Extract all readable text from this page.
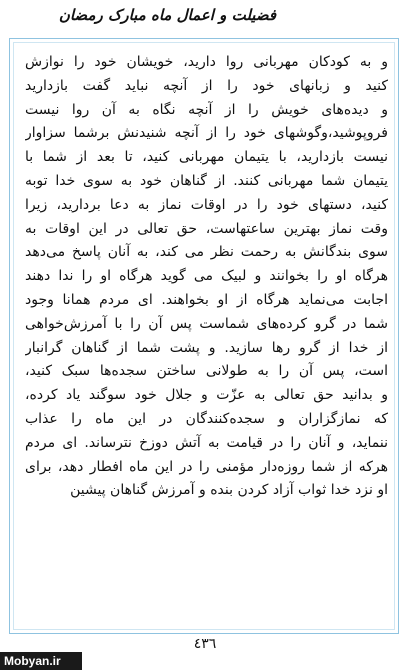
فضیلت و اعمال ماه مبارک رمضان
و به کودکان مهربانی روا دارید، خویشان خود را نوازش
کنید و زبانهای خود را از آنچه نباید گفت بازدارید
و دیده‌های خویش را از آنچه نگاه به آن روا نیست
فروپوشید،وگوشهای خود را از آنچه شنیدنش برشما سزاوار
نیست بازدارید، با یتیمان مهربانی کنید، تا بعد از شما با
یتیمان شما مهربانی کنند. از گناهان خود به سوی خدا توبه
کنید، دستهای خود را در اوقات نماز به دعا بردارید، زیرا
وقت نماز بهترین ساعتهاست، حق تعالی در این اوقات به
سوی بندگانش به رحمت نظر می کند، به آنان پاسخ می‌دهد
هرگاه او را بخوانند و لبیک می گوید هرگاه او را ندا دهند
اجابت می‌نماید هرگاه از او بخواهند. ای مردم همانا وجود
شما در گرو کرده‌های شماست پس آن را با آمرزش‌خواهی
از خدا از گرو رها سازید. و پشت شما از گناهان گرانبار
است، پس آن را به طولانی ساختن سجده‌ها سبک کنید،
و بدانید حق تعالی به عزّت و جلال خود سوگند یاد کرده،
که نمازگزاران و سجده‌کنندگان در این ماه را عذاب
ننماید، و آنان را در قیامت به آتش دوزخ نترساند. ای مردم
هرکه از شما روزه‌دار مؤمنی را در این ماه افطار دهد، برای
او نزد خدا ثواب آزاد کردن بنده و آمرزش گناهان پیشین
٤٣٦
Mobyan.ir
